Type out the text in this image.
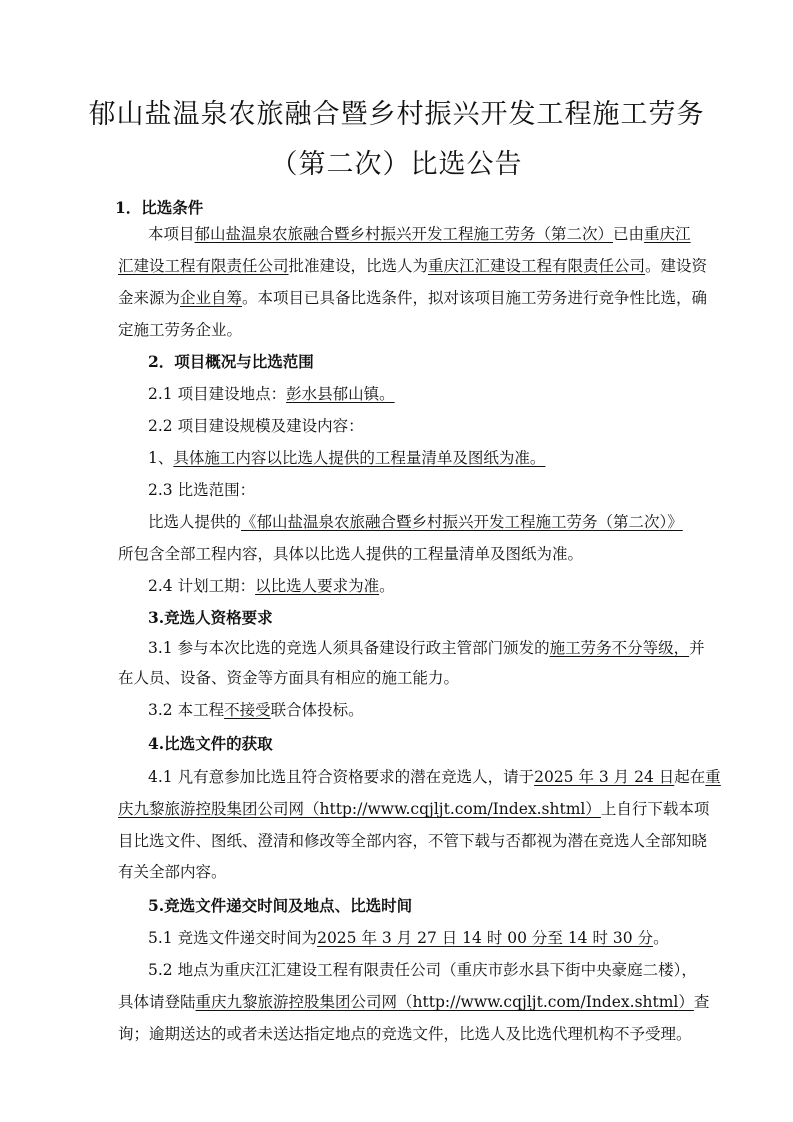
郁山盐温泉农旅融合暨乡村振兴开发工程施工劳务
（第二次）比选公告
1．比选条件
本项目郁山盐温泉农旅融合暨乡村振兴开发工程施工劳务（第二次）已由重庆江
汇建设工程有限责任公司批准建设，比选人为重庆江汇建设工程有限责任公司。建设资
金来源为企业自筹。本项目已具备比选条件，拟对该项目施工劳务进行竞争性比选，确
定施工劳务企业。
2．项目概况与比选范围
2.1 项目建设地点：彭水县郁山镇。
2.2 项目建设规模及建设内容：
1、具体施工内容以比选人提供的工程量清单及图纸为准。
2.3 比选范围：
比选人提供的《郁山盐温泉农旅融合暨乡村振兴开发工程施工劳务（第二次）》
所包含全部工程内容，具体以比选人提供的工程量清单及图纸为准。
2.4 计划工期：以比选人要求为准。
3.竞选人资格要求
3.1 参与本次比选的竞选人须具备建设行政主管部门颁发的施工劳务不分等级，并
在人员、设备、资金等方面具有相应的施工能力。
3.2 本工程不接受联合体投标。
4.比选文件的获取
4.1 凡有意参加比选且符合资格要求的潜在竞选人，请于2025 年 3 月 24 日起在重
庆九黎旅游控股集团公司网（http://www.cqjljt.com/Index.shtml）上自行下载本项
目比选文件、图纸、澄清和修改等全部内容，不管下载与否都视为潜在竞选人全部知晓
有关全部内容。
5.竞选文件递交时间及地点、比选时间
5.1 竞选文件递交时间为2025 年 3 月 27 日 14 时 00 分至 14 时 30 分。
5.2 地点为重庆江汇建设工程有限责任公司（重庆市彭水县下街中央豪庭二楼），
具体请登陆重庆九黎旅游控股集团公司网（http://www.cqjljt.com/Index.shtml）查
询；逾期送达的或者未送达指定地点的竞选文件，比选人及比选代理机构不予受理。
